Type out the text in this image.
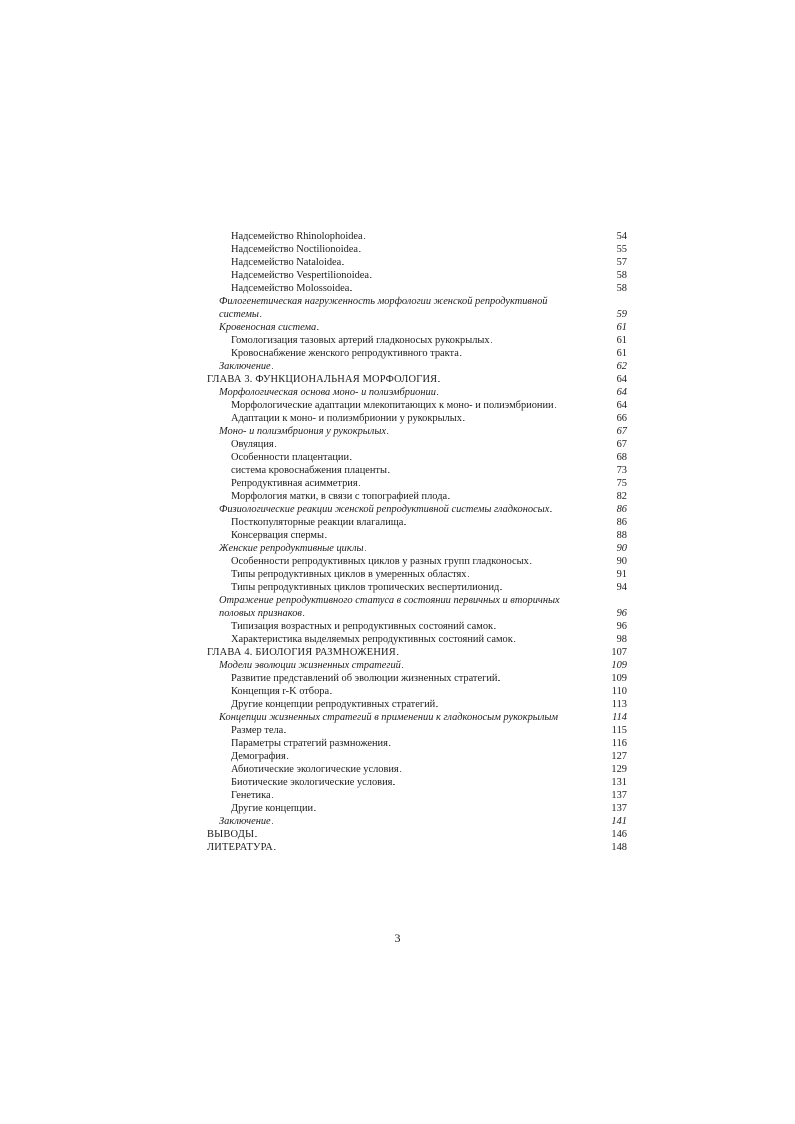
Надсемейство Rhinolophoidea . . .	54
Надсемейство Noctilionoidea . . .	55
Надсемейство Nataloidea . . .	57
Надсемейство Vespertilionoidea . . .	58
Надсемейство Molossoidea . . .	58
Филогенетическая нагруженность морфологии женской репродуктивной
системы . . .	59
Кровеносная система . . .	61
Гомологизация тазовых артерий гладконосых рукокрылых . . .	61
Кровоснабжение женского репродуктивного тракта . . .	61
Заключение . . .	62
ГЛАВА 3. ФУНКЦИОНАЛЬНАЯ МОРФОЛОГИЯ . . .	64
Морфологическая основа моно- и полиэмбрионии . . .	64
Морфологические адаптации млекопитающих к моно- и полиэмбрионии . . .	64
Адаптации к моно- и полиэмбрионии у рукокрылых . . .	66
Моно- и полиэмбриония у рукокрылых . . .	67
Овуляция . . .	67
Особенности плацентации . . .	68
система кровоснабжения плаценты . . .	73
Репродуктивная асимметрия . . .	75
Морфология матки, в связи с топографией плода . . .	82
Физиологические реакции женской репродуктивной системы гладконосых . . .	86
Посткопуляторные реакции влагалища . . .	86
Консервация спермы . . .	88
Женские репродуктивные циклы . . .	90
Особенности репродуктивных циклов у разных групп гладконосых . . .	90
Типы репродуктивных циклов в умеренных областях . . .	91
Типы репродуктивных циклов тропических веспертилионид . . .	94
Отражение репродуктивного статуса в состоянии первичных и вторичных
половых признаков . . .	96
Типизация возрастных и репродуктивных состояний самок . . .	96
Характеристика выделяемых репродуктивных состояний самок . . .	98
ГЛАВА 4. БИОЛОГИЯ РАЗМНОЖЕНИЯ . . .	107
Модели эволюции жизненных стратегий . . .	109
Развитие представлений об эволюции жизненных стратегий . . .	109
Концепция r-K отбора . . .	110
Другие концепции репродуктивных стратегий . . .	113
Концепции жизненных стратегий в применении к гладконосым рукокрылым	114
Размер тела . . .	115
Параметры стратегий размножения . . .	116
Демография . . .	127
Абиотические экологические условия . . .	129
Биотические экологические условия . . .	131
Генетика . . .	137
Другие концепции . . .	137
Заключение . . .	141
ВЫВОДЫ . . .	146
ЛИТЕРАТУРА . . .	148
3
